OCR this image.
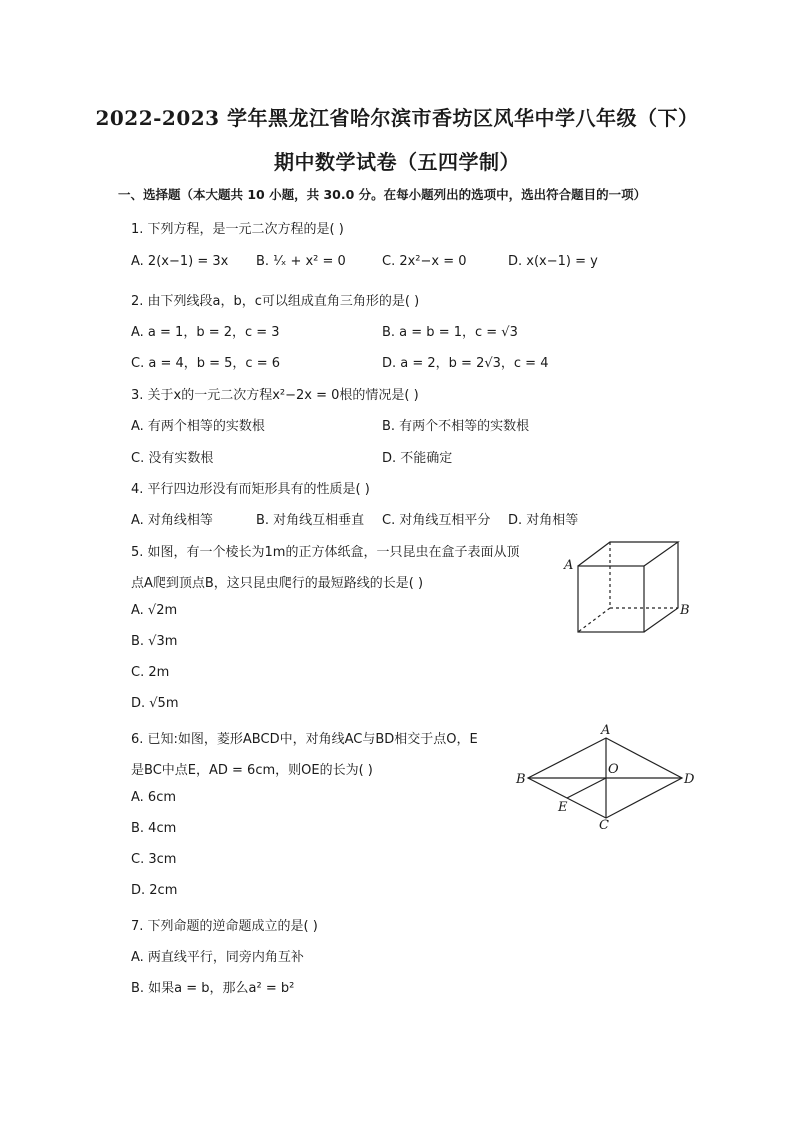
2022-2023 学年黑龙江省哈尔滨市香坊区风华中学八年级（下）
期中数学试卷（五四学制）
一、选择题（本大题共 10 小题，共 30.0 分。在每小题列出的选项中，选出符合题目的一项）
1. 下列方程，是一元二次方程的是( )
A. 2(x−1) = 3x B. ¹⁄ₓ + x² = 0	C. 2x²−x = 0	D. x(x−1) = y
2. 由下列线段a，b，c可以组成直角三角形的是( )
A. a = 1，b = 2，c = 3	B. a = b = 1，c = √3
C. a = 4，b = 5，c = 6	D. a = 2，b = 2√3，c = 4
3. 关于x的一元二次方程x²−2x = 0根的情况是( )
A. 有两个相等的实数根	B. 有两个不相等的实数根
C. 没有实数根	D. 不能确定
4. 平行四边形没有而矩形具有的性质是( )
A. 对角线相等	B. 对角线互相垂直 C. 对角线互相平分 D. 对角相等
5. 如图，有一个棱长为1m的正方体纸盒，一只昆虫在盒子表面从顶
点A爬到顶点B，这只昆虫爬行的最短路线的长是( )
A. √2m
B. √3m
C. 2m
D. √5m
A
B
6. 已知:如图，菱形ABCD中，对角线AC与BD相交于点O，E
是BC中点E，AD = 6cm，则OE的长为( )
A. 6cm
B. 4cm
C. 3cm
D. 2cm
A
B
C
D
O
E
7. 下列命题的逆命题成立的是( )
A. 两直线平行，同旁内角互补
B. 如果a = b，那么a² = b²
